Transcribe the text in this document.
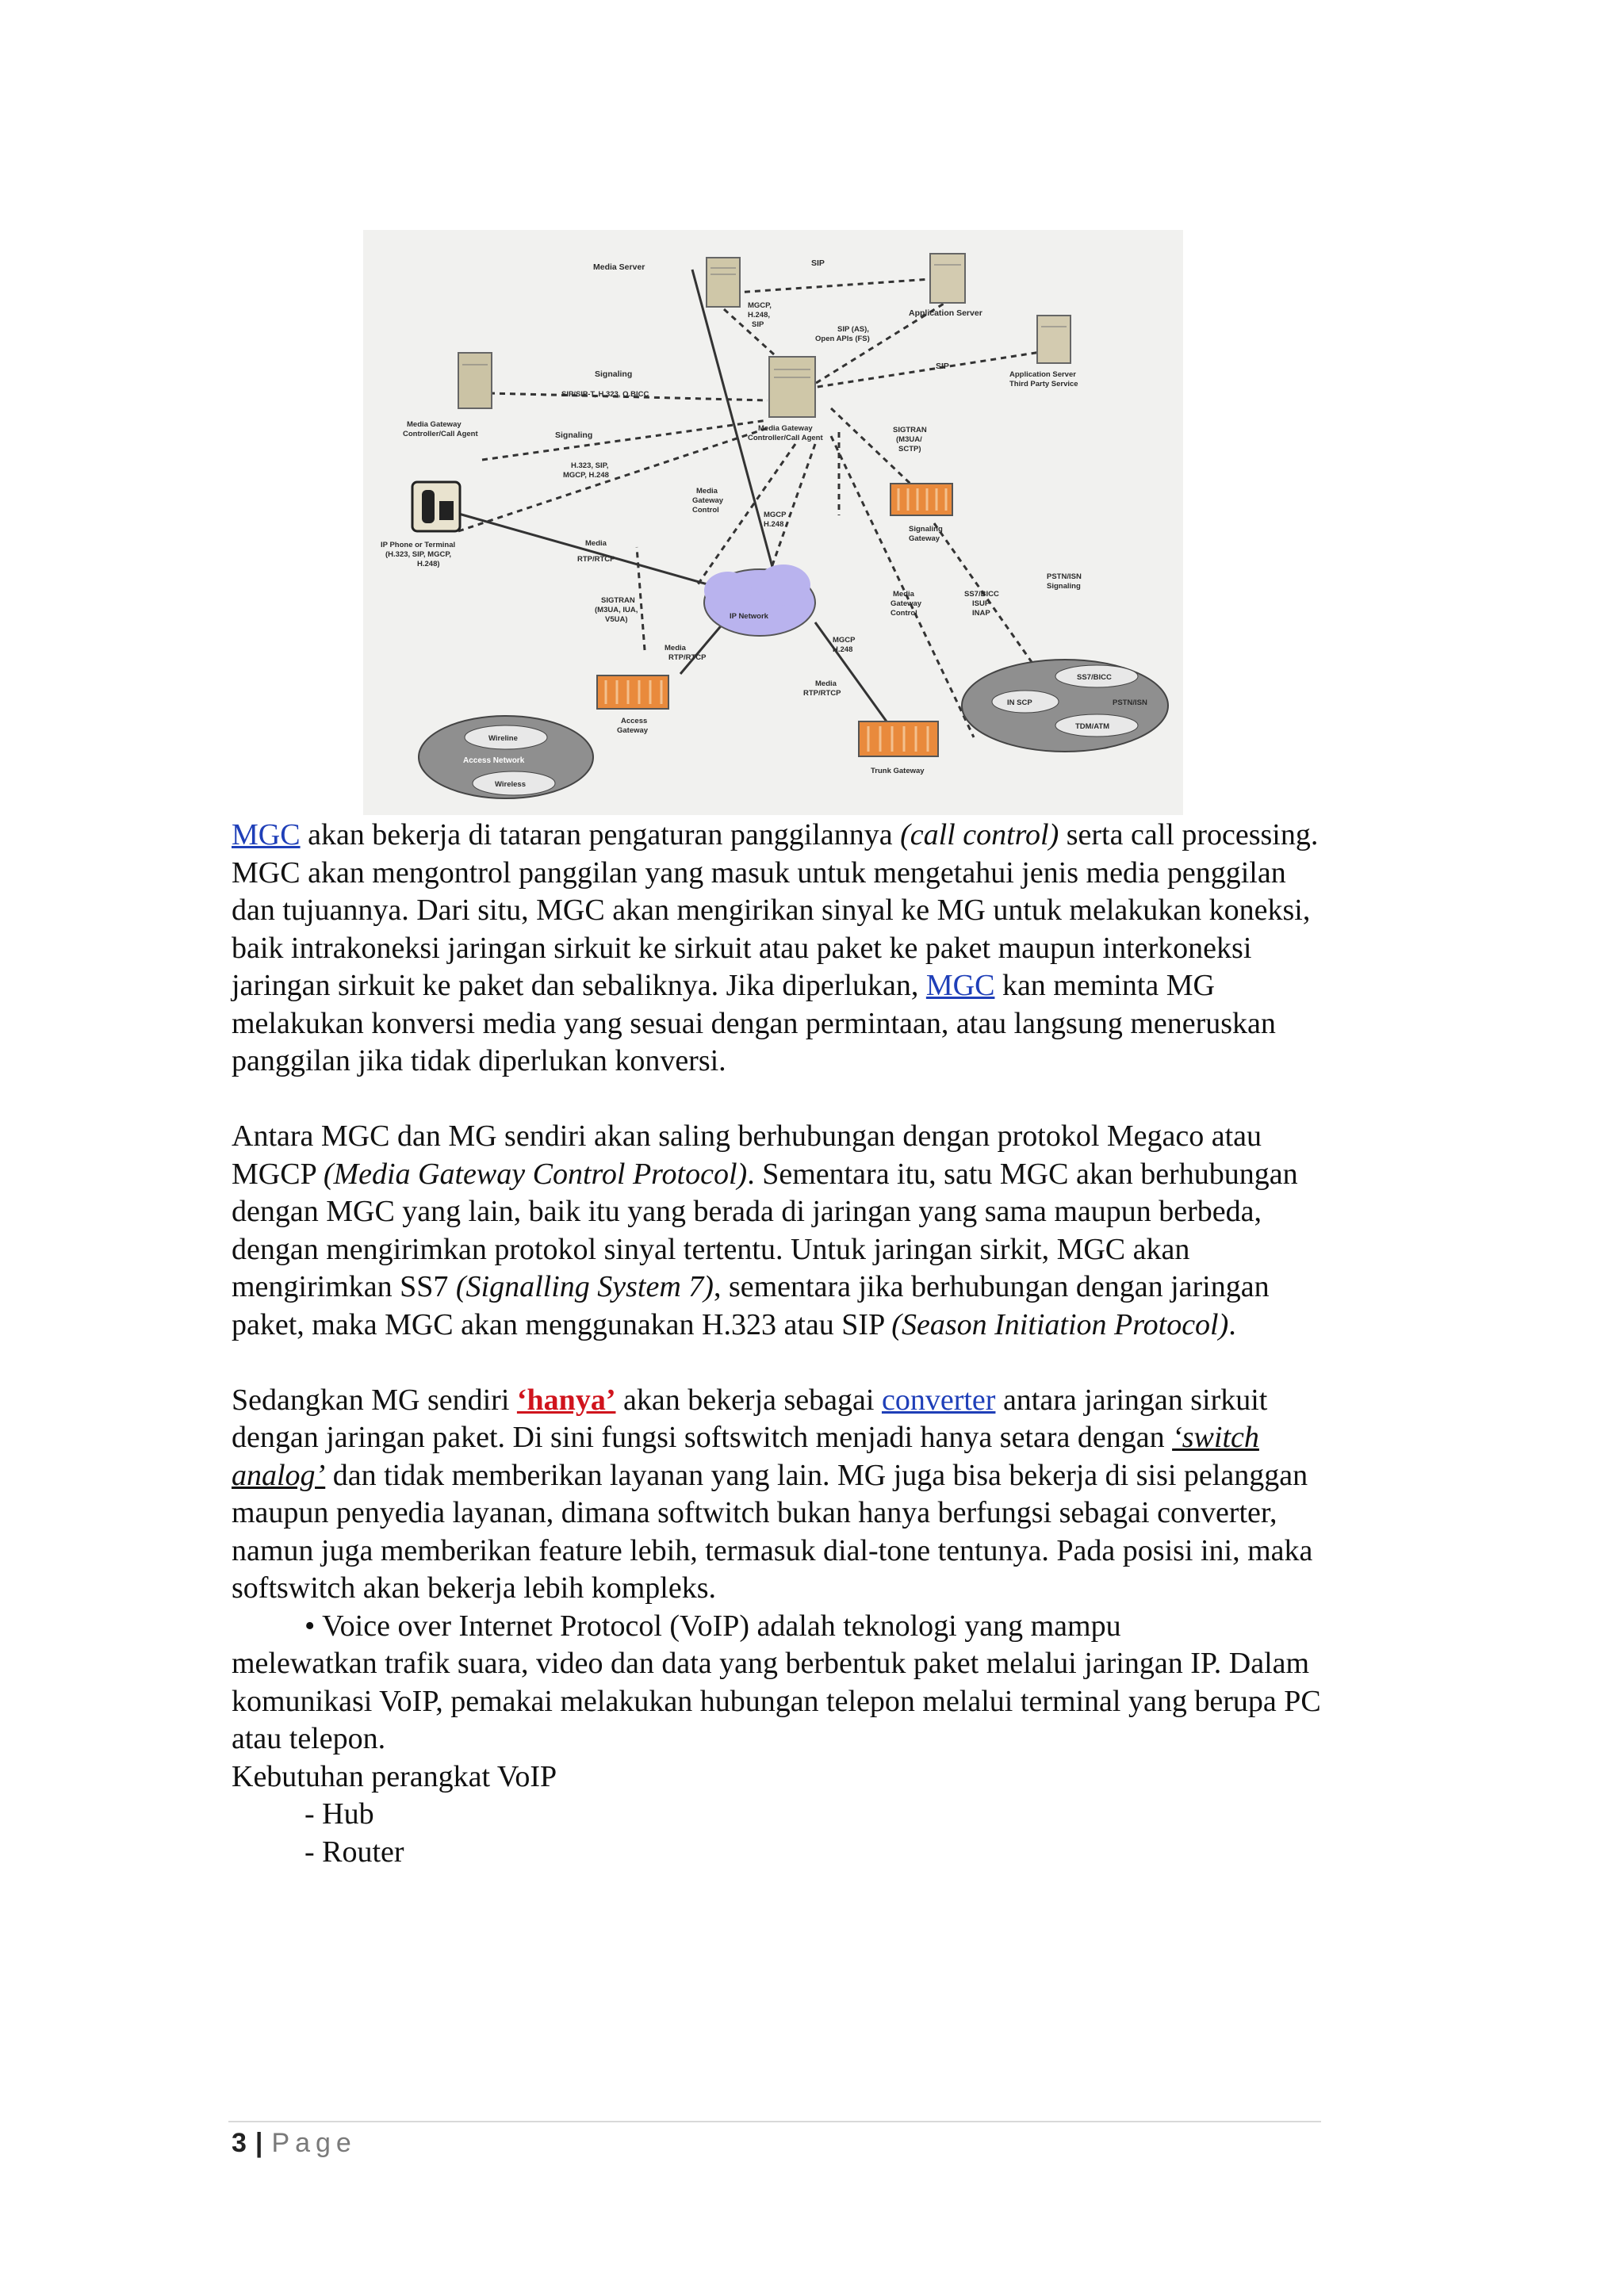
Media Server	SIP
MGCP,
H.248,
SIP
SIP (AS),
Open APIs (FS)
Application Server
SIP
Application Server
Third Party Service
Signaling
SIP/SIP-T, H.323, Q.BICC
Media Gateway
Controller/Call Agent	Signaling
Media Gateway
Controller/Call Agent
SIGTRAN
(M3UA/
SCTP)
H.323, SIP,
MGCP, H.248
Media
Gateway
Control
MGCP
H.248
Signaling
Gateway
IP Phone or Terminal
(H.323, SIP, MGCP,
H.248)
Media
RTP/RTCP
PSTN/ISN
Signaling
SS7/BICC
ISUP
INAP
Media
Gateway
Control
SIGTRAN
(M3UA, IUA,
V5UA)	IP Network
MGCP
H.248
Media
RTP/RTCP
Media
RTP/RTCP
SS7/BICC
IN SCP	PSTN/ISN
TDM/ATM
Access
Gateway
Wireline
Access Network
Wireless
Trunk Gateway

MGC akan bekerja di tataran pengaturan panggilannya (call control) serta call processing. MGC akan mengontrol panggilan yang masuk untuk mengetahui jenis media penggilan dan tujuannya. Dari situ, MGC akan mengirikan sinyal ke MG untuk melakukan koneksi, baik intrakoneksi jaringan sirkuit ke sirkuit atau paket ke paket maupun interkoneksi jaringan sirkuit ke paket dan sebaliknya. Jika diperlukan, MGC kan meminta MG melakukan konversi media yang sesuai dengan permintaan, atau langsung meneruskan panggilan jika tidak diperlukan konversi.

Antara MGC dan MG sendiri akan saling berhubungan dengan protokol Megaco atau MGCP (Media Gateway Control Protocol). Sementara itu, satu MGC akan berhubungan dengan MGC yang lain, baik itu yang berada di jaringan yang sama maupun berbeda, dengan mengirimkan protokol sinyal tertentu. Untuk jaringan sirkit, MGC akan mengirimkan SS7 (Signalling System 7), sementara jika berhubungan dengan jaringan paket, maka MGC akan menggunakan H.323 atau SIP (Season Initiation Protocol).

Sedangkan MG sendiri ‘hanya’ akan bekerja sebagai converter antara jaringan sirkuit dengan jaringan paket. Di sini fungsi softswitch menjadi hanya setara dengan ‘switch analog’ dan tidak memberikan layanan yang lain. MG juga bisa bekerja di sisi pelanggan maupun penyedia layanan, dimana softwitch bukan hanya berfungsi sebagai converter, namun juga memberikan feature lebih, termasuk dial-tone tentunya. Pada posisi ini, maka softswitch akan bekerja lebih kompleks.

• Voice over Internet Protocol (VoIP) adalah teknologi yang mampu
melewatkan trafik suara, video dan data yang berbentuk paket melalui jaringan IP. Dalam komunikasi VoIP, pemakai melakukan hubungan telepon melalui terminal yang berupa PC atau telepon.

Kebutuhan perangkat VoIP

- Hub

- Router

3 | Page
